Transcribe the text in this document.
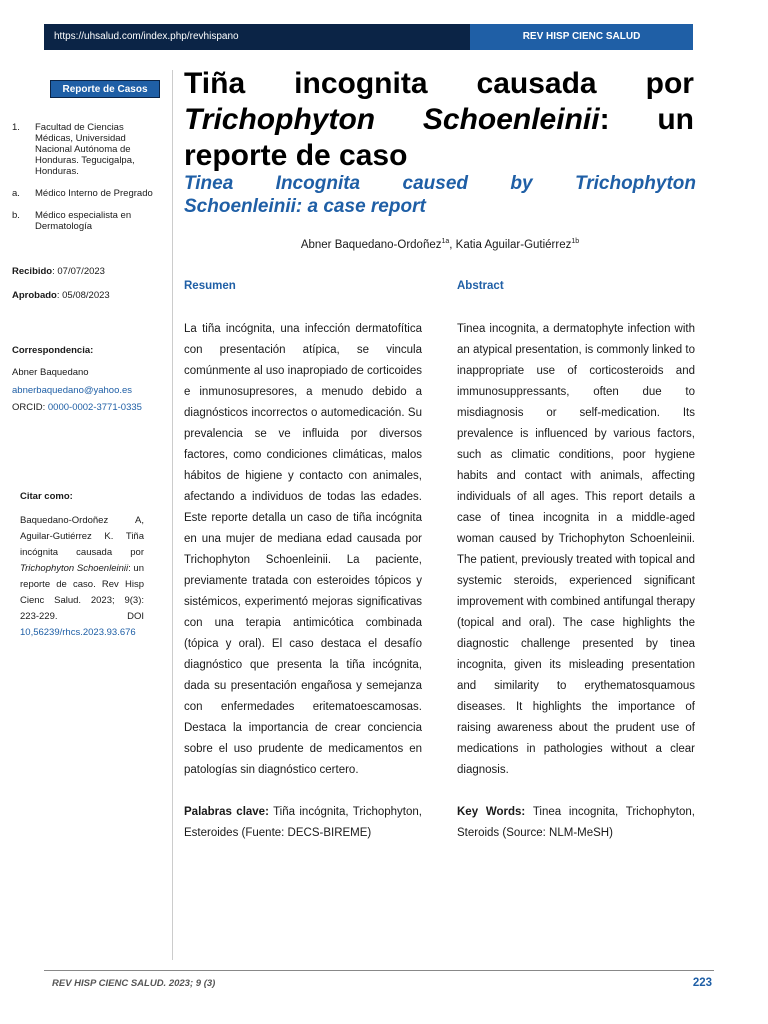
https://uhsalud.com/index.php/revhispano	REV HISP CIENC SALUD
Reporte de Casos
1. Facultad de Ciencias Médicas, Universidad Nacional Autónoma de Honduras. Tegucigalpa, Honduras.
a. Médico Interno de Pregrado
b. Médico especialista en Dermatología
Recibido: 07/07/2023
Aprobado: 05/08/2023
Correspondencia:
Abner Baquedano
abnerbaquedano@yahoo.es
ORCID: 0000-0002-3771-0335
Citar como:
Baquedano-Ordoñez A, Aguilar-Gutiérrez K. Tiña incógnita causada por Trichophyton Schoenleinii: un reporte de caso. Rev Hisp Cienc Salud. 2023; 9(3): 223-229. DOI 10,56239/rhcs.2023.93.676
Tiña incognita causada por
Trichophyton Schoenleinii: un
reporte de caso
Tinea Incognita caused by Trichophyton
Schoenleinii: a case report
Abner Baquedano-Ordoñez$^{1a}$, Katia Aguilar-Gutiérrez$^{1b}$
Resumen

La tiña incógnita, una infección dermatofítica con presentación atípica, se vincula comúnmente al uso inapropiado de corticoides e inmunosupresores, a menudo debido a diagnósticos incorrectos o automedicación. Su prevalencia se ve influida por diversos factores, como condiciones climáticas, malos hábitos de higiene y contacto con animales, afectando a individuos de todas las edades. Este reporte detalla un caso de tiña incógnita en una mujer de mediana edad causada por Trichophyton Schoenleinii. La paciente, previamente tratada con esteroides tópicos y sistémicos, experimentó mejoras significativas con una terapia antimicótica combinada (tópica y oral). El caso destaca el desafío diagnóstico que presenta la tiña incógnita, dada su presentación engañosa y semejanza con enfermedades eritematoescamosas. Destaca la importancia de crear conciencia sobre el uso prudente de medicamentos en patologías sin diagnóstico certero.

Palabras clave: Tiña incógnita, Trichophyton, Esteroides (Fuente: DECS-BIREME)

Abstract

Tinea incognita, a dermatophyte infection with an atypical presentation, is commonly linked to inappropriate use of corticosteroids and immunosuppressants, often due to misdiagnosis or self-medication. Its prevalence is influenced by various factors, such as climatic conditions, poor hygiene habits and contact with animals, affecting individuals of all ages. This report details a case of tinea incognita in a middle-aged woman caused by Trichophyton Schoenleinii. The patient, previously treated with topical and systemic steroids, experienced significant improvement with combined antifungal therapy (topical and oral). The case highlights the diagnostic challenge presented by tinea incognita, given its misleading presentation and similarity to erythematosquamous diseases. It highlights the importance of raising awareness about the prudent use of medications in pathologies without a clear diagnosis.

Key Words: Tinea incognita, Trichophyton, Steroids (Source: NLM-MeSH)

REV HISP CIENC SALUD. 2023; 9 (3)	223
